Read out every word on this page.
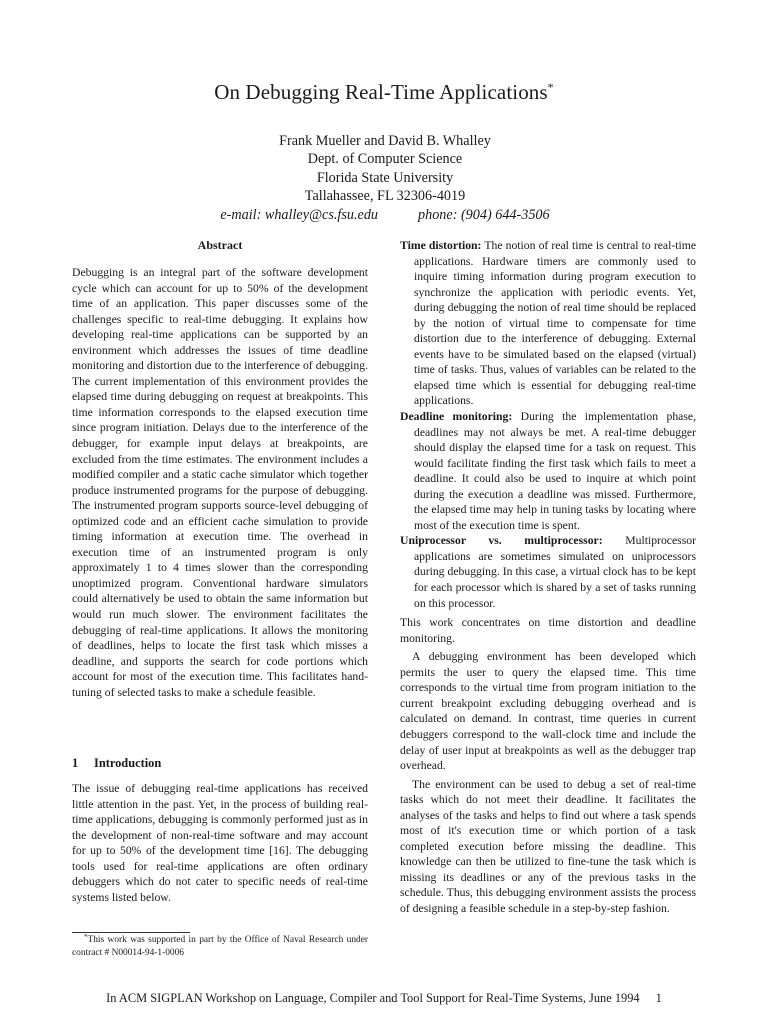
On Debugging Real-Time Applications*
Frank Mueller and David B. Whalley
Dept. of Computer Science
Florida State University
Tallahassee, FL 32306-4019
e-mail: whalley@cs.fsu.edu	phone: (904) 644-3506
Abstract
Debugging is an integral part of the software development cycle which can account for up to 50% of the development time of an application. This paper discusses some of the challenges specific to real-time debugging. It explains how developing real-time applications can be supported by an environment which addresses the issues of time deadline monitoring and distortion due to the interference of debugging. The current implementation of this environment provides the elapsed time during debugging on request at breakpoints. This time information corresponds to the elapsed execution time since program initiation. Delays due to the interference of the debugger, for example input delays at breakpoints, are excluded from the time estimates. The environment includes a modified compiler and a static cache simulator which together produce instrumented programs for the purpose of debugging. The instrumented program supports source-level debugging of optimized code and an efficient cache simulation to provide timing information at execution time. The overhead in execution time of an instrumented program is only approximately 1 to 4 times slower than the corresponding unoptimized program. Conventional hardware simulators could alternatively be used to obtain the same information but would run much slower. The environment facilitates the debugging of real-time applications. It allows the monitoring of deadlines, helps to locate the first task which misses a deadline, and supports the search for code portions which account for most of the execution time. This facilitates hand-tuning of selected tasks to make a schedule feasible.
1 Introduction

The issue of debugging real-time applications has received little attention in the past. Yet, in the process of building real-time applications, debugging is commonly performed just as in the development of non-real-time software and may account for up to 50% of the development time [16]. The debugging tools used for real-time applications are often ordinary debuggers which do not cater to specific needs of real-time systems listed below.

*This work was supported in part by the Office of Naval Research under contract # N00014-94-1-0006

Time distortion: The notion of real time is central to real-time applications. Hardware timers are commonly used to inquire timing information during program execution to synchronize the application with periodic events. Yet, during debugging the notion of real time should be replaced by the notion of virtual time to compensate for time distortion due to the interference of debugging. External events have to be simulated based on the elapsed (virtual) time of tasks. Thus, values of variables can be related to the elapsed time which is essential for debugging real-time applications.

Deadline monitoring: During the implementation phase, deadlines may not always be met. A real-time debugger should display the elapsed time for a task on request. This would facilitate finding the first task which fails to meet a deadline. It could also be used to inquire at which point during the execution a deadline was missed. Furthermore, the elapsed time may help in tuning tasks by locating where most of the execution time is spent.

Uniprocessor vs. multiprocessor: Multiprocessor applications are sometimes simulated on uniprocessors during debugging. In this case, a virtual clock has to be kept for each processor which is shared by a set of tasks running on this processor.

This work concentrates on time distortion and deadline monitoring.

A debugging environment has been developed which permits the user to query the elapsed time. This time corresponds to the virtual time from program initiation to the current breakpoint excluding debugging overhead and is calculated on demand. In contrast, time queries in current debuggers correspond to the wall-clock time and include the delay of user input at breakpoints as well as the debugger trap overhead.

The environment can be used to debug a set of real-time tasks which do not meet their deadline. It facilitates the analyses of the tasks and helps to find out where a task spends most of it's execution time or which portion of a task completed execution before missing the deadline. This knowledge can then be utilized to fine-tune the task which is missing its deadlines or any of the previous tasks in the schedule. Thus, this debugging environment assists the process of designing a feasible schedule in a step-by-step fashion.

In ACM SIGPLAN Workshop on Language, Compiler and Tool Support for Real-Time Systems, June 1994 1
